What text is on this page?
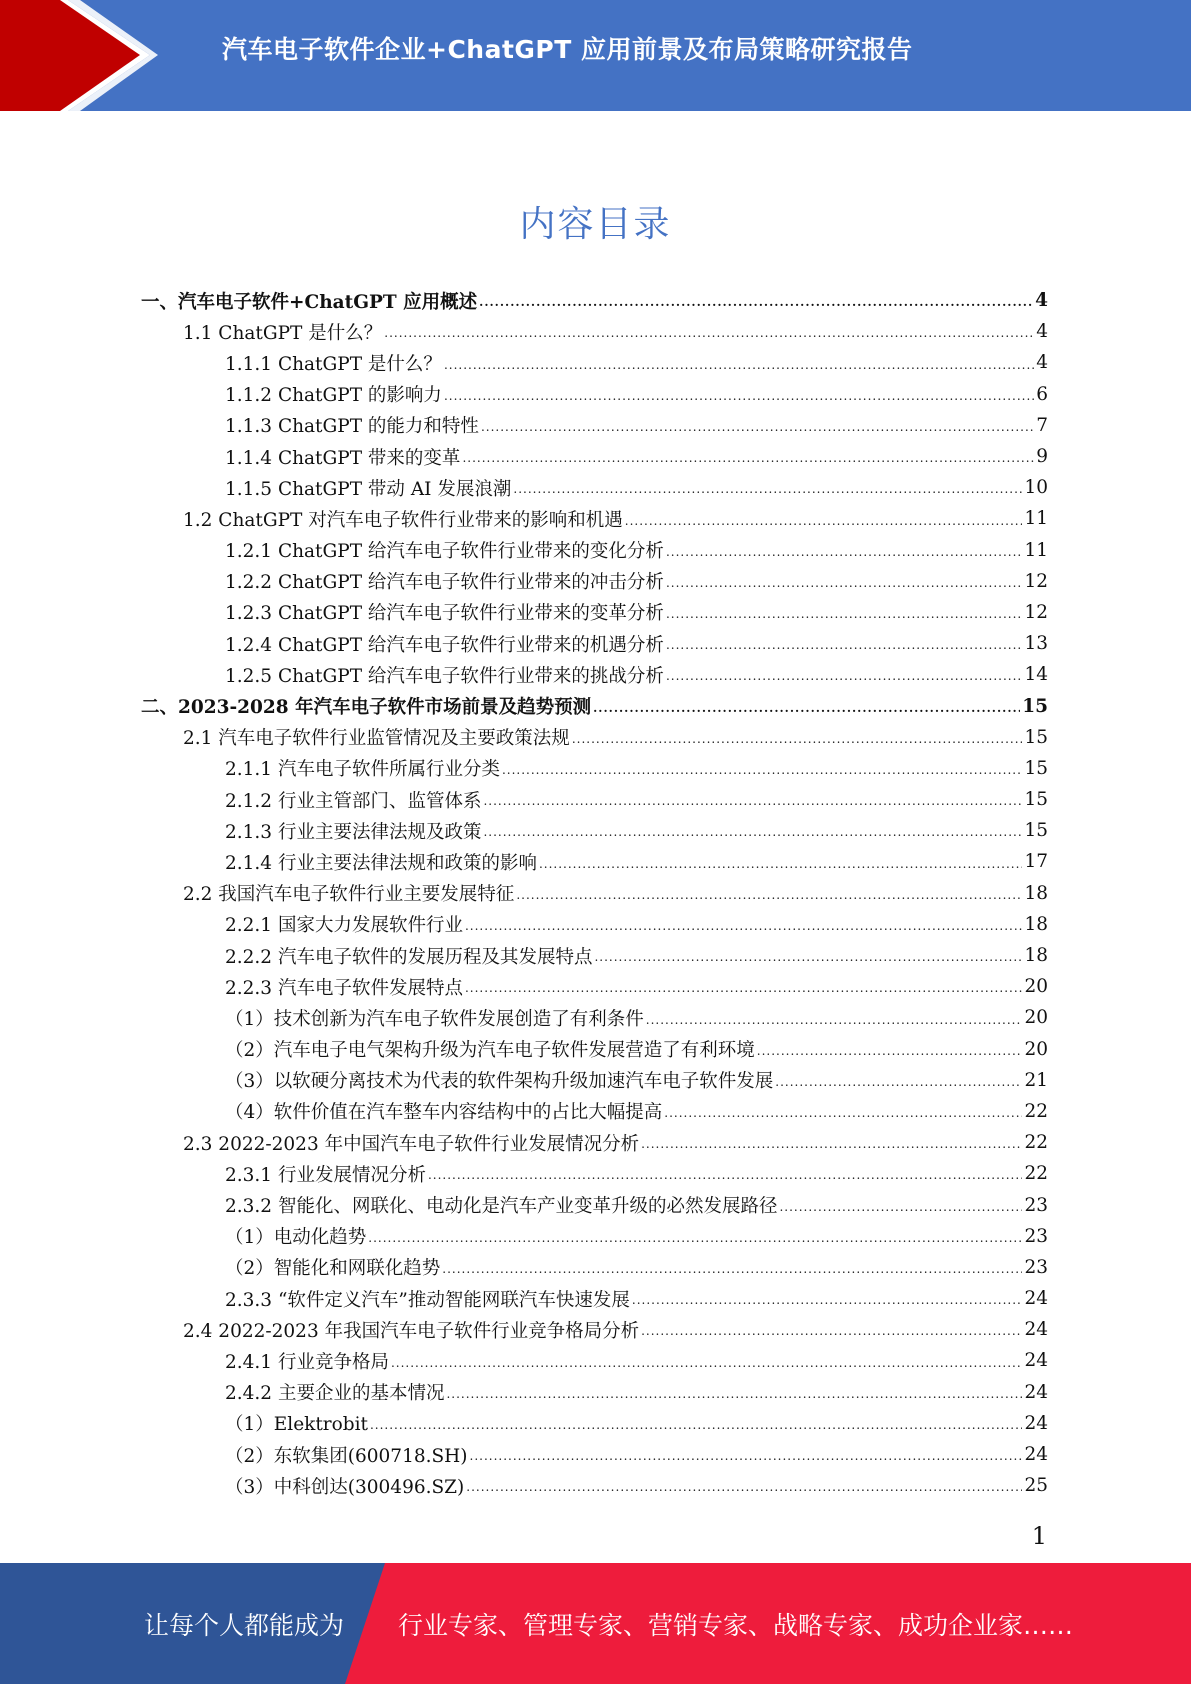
汽车电子软件企业+ChatGPT 应用前景及布局策略研究报告
内容目录
一、汽车电子软件+ChatGPT 应用概述 .....	4
1.1 ChatGPT 是什么？ .....	4
1.1.1 ChatGPT 是什么？ .....	4
1.1.2 ChatGPT 的影响力 .....	6
1.1.3 ChatGPT 的能力和特性 .....	7
1.1.4 ChatGPT 带来的变革 .....	9
1.1.5 ChatGPT 带动 AI 发展浪潮 .....	10
1.2 ChatGPT 对汽车电子软件行业带来的影响和机遇 .....	11
1.2.1 ChatGPT 给汽车电子软件行业带来的变化分析 .....	11
1.2.2 ChatGPT 给汽车电子软件行业带来的冲击分析 .....	12
1.2.3 ChatGPT 给汽车电子软件行业带来的变革分析 .....	12
1.2.4 ChatGPT 给汽车电子软件行业带来的机遇分析 .....	13
1.2.5 ChatGPT 给汽车电子软件行业带来的挑战分析 .....	14
二、2023-2028 年汽车电子软件市场前景及趋势预测 .....	15
2.1 汽车电子软件行业监管情况及主要政策法规 .....	15
2.1.1 汽车电子软件所属行业分类 .....	15
2.1.2 行业主管部门、监管体系 .....	15
2.1.3 行业主要法律法规及政策 .....	15
2.1.4 行业主要法律法规和政策的影响 .....	17
2.2 我国汽车电子软件行业主要发展特征 .....	18
2.2.1 国家大力发展软件行业 .....	18
2.2.2 汽车电子软件的发展历程及其发展特点 .....	18
2.2.3 汽车电子软件发展特点 .....	20
（1）技术创新为汽车电子软件发展创造了有利条件 .....	20
（2）汽车电子电气架构升级为汽车电子软件发展营造了有利环境 .....	20
（3）以软硬分离技术为代表的软件架构升级加速汽车电子软件发展 .....	21
（4）软件价值在汽车整车内容结构中的占比大幅提高 .....	22
2.3 2022-2023 年中国汽车电子软件行业发展情况分析 .....	22
2.3.1 行业发展情况分析 .....	22
2.3.2 智能化、网联化、电动化是汽车产业变革升级的必然发展路径 .....	23
（1）电动化趋势 .....	23
（2）智能化和网联化趋势 .....	23
2.3.3 “软件定义汽车”推动智能网联汽车快速发展 .....	24
2.4 2022-2023 年我国汽车电子软件行业竞争格局分析 .....	24
2.4.1 行业竞争格局 .....	24
2.4.2 主要企业的基本情况 .....	24
（1）Elektrobit .....	24
（2）东软集团(600718.SH) .....	24
（3）中科创达(300496.SZ) .....	25
1
让每个人都能成为 行业专家、管理专家、营销专家、战略专家、成功企业家……
